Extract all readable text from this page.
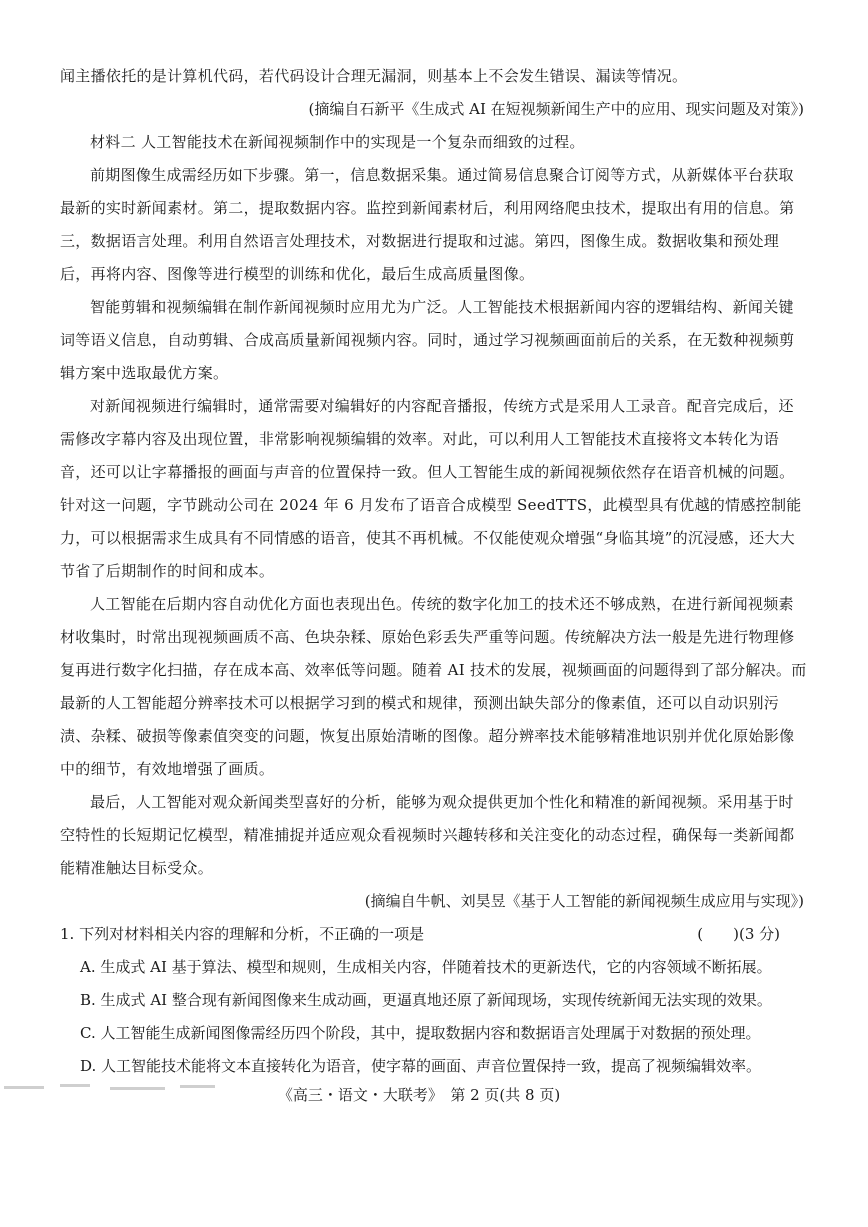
闻主播依托的是计算机代码，若代码设计合理无漏洞，则基本上不会发生错误、漏读等情况。

(摘编自石新平《生成式 AI 在短视频新闻生产中的应用、现实问题及对策》)

材料二 人工智能技术在新闻视频制作中的实现是一个复杂而细致的过程。

前期图像生成需经历如下步骤。第一，信息数据采集。通过简易信息聚合订阅等方式，从新媒体平台获取最新的实时新闻素材。第二，提取数据内容。监控到新闻素材后，利用网络爬虫技术，提取出有用的信息。第三，数据语言处理。利用自然语言处理技术，对数据进行提取和过滤。第四，图像生成。数据收集和预处理后，再将内容、图像等进行模型的训练和优化，最后生成高质量图像。

智能剪辑和视频编辑在制作新闻视频时应用尤为广泛。人工智能技术根据新闻内容的逻辑结构、新闻关键词等语义信息，自动剪辑、合成高质量新闻视频内容。同时，通过学习视频画面前后的关系，在无数种视频剪辑方案中选取最优方案。

对新闻视频进行编辑时，通常需要对编辑好的内容配音播报，传统方式是采用人工录音。配音完成后，还需修改字幕内容及出现位置，非常影响视频编辑的效率。对此，可以利用人工智能技术直接将文本转化为语音，还可以让字幕播报的画面与声音的位置保持一致。但人工智能生成的新闻视频依然存在语音机械的问题。针对这一问题，字节跳动公司在 2024 年 6 月发布了语音合成模型 SeedTTS，此模型具有优越的情感控制能力，可以根据需求生成具有不同情感的语音，使其不再机械。不仅能使观众增强“身临其境”的沉浸感，还大大节省了后期制作的时间和成本。

人工智能在后期内容自动优化方面也表现出色。传统的数字化加工的技术还不够成熟，在进行新闻视频素材收集时，时常出现视频画质不高、色块杂糅、原始色彩丢失严重等问题。传统解决方法一般是先进行物理修复再进行数字化扫描，存在成本高、效率低等问题。随着 AI 技术的发展，视频画面的问题得到了部分解决。而最新的人工智能超分辨率技术可以根据学习到的模式和规律，预测出缺失部分的像素值，还可以自动识别污渍、杂糅、破损等像素值突变的问题，恢复出原始清晰的图像。超分辨率技术能够精准地识别并优化原始影像中的细节，有效地增强了画质。

最后，人工智能对观众新闻类型喜好的分析，能够为观众提供更加个性化和精准的新闻视频。采用基于时空特性的长短期记忆模型，精准捕捉并适应观众看视频时兴趣转移和关注变化的动态过程，确保每一类新闻都能精准触达目标受众。

(摘编自牛帆、刘昊昱《基于人工智能的新闻视频生成应用与实现》)

1. 下列对材料相关内容的理解和分析，不正确的一项是	(　　)(3 分)

A. 生成式 AI 基于算法、模型和规则，生成相关内容，伴随着技术的更新迭代，它的内容领域不断拓展。

B. 生成式 AI 整合现有新闻图像来生成动画，更逼真地还原了新闻现场，实现传统新闻无法实现的效果。

C. 人工智能生成新闻图像需经历四个阶段，其中，提取数据内容和数据语言处理属于对数据的预处理。

D. 人工智能技术能将文本直接转化为语音，使字幕的画面、声音位置保持一致，提高了视频编辑效率。

《高三・语文・大联考》　第 2 页(共 8 页)
